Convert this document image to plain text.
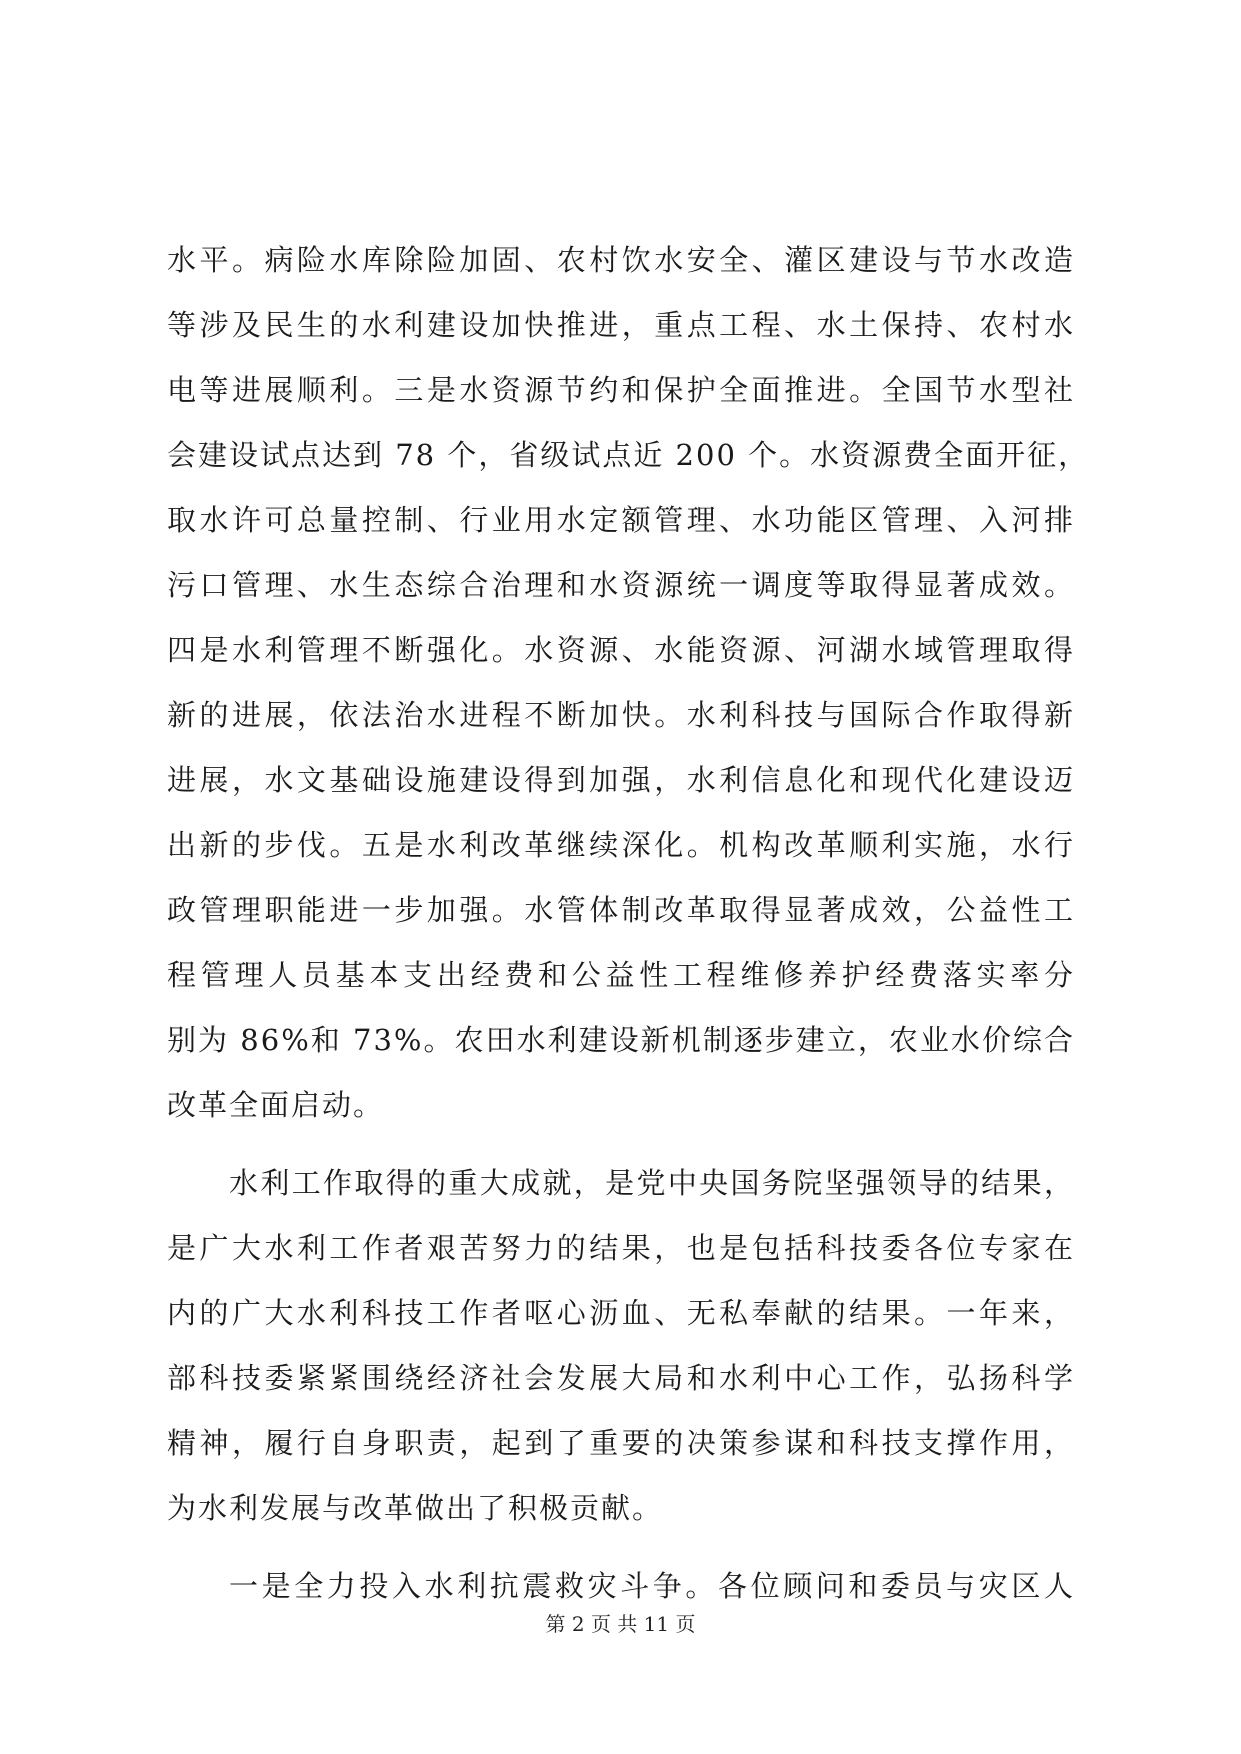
水平。病险水库除险加固、农村饮水安全、灌区建设与节水改造
等涉及民生的水利建设加快推进，重点工程、水土保持、农村水
电等进展顺利。三是水资源节约和保护全面推进。全国节水型社
会建设试点达到 78 个，省级试点近 200 个。水资源费全面开征，
取水许可总量控制、行业用水定额管理、水功能区管理、入河排
污口管理、水生态综合治理和水资源统一调度等取得显著成效。
四是水利管理不断强化。水资源、水能资源、河湖水域管理取得
新的进展，依法治水进程不断加快。水利科技与国际合作取得新
进展，水文基础设施建设得到加强，水利信息化和现代化建设迈
出新的步伐。五是水利改革继续深化。机构改革顺利实施，水行
政管理职能进一步加强。水管体制改革取得显著成效，公益性工
程管理人员基本支出经费和公益性工程维修养护经费落实率分
别为 86%和 73%。农田水利建设新机制逐步建立，农业水价综合
改革全面启动。
水利工作取得的重大成就，是党中央国务院坚强领导的结果，
是广大水利工作者艰苦努力的结果，也是包括科技委各位专家在
内的广大水利科技工作者呕心沥血、无私奉献的结果。一年来，
部科技委紧紧围绕经济社会发展大局和水利中心工作，弘扬科学
精神，履行自身职责，起到了重要的决策参谋和科技支撑作用，
为水利发展与改革做出了积极贡献。
一是全力投入水利抗震救灾斗争。各位顾问和委员与灾区人
第 2 页 共 11 页
